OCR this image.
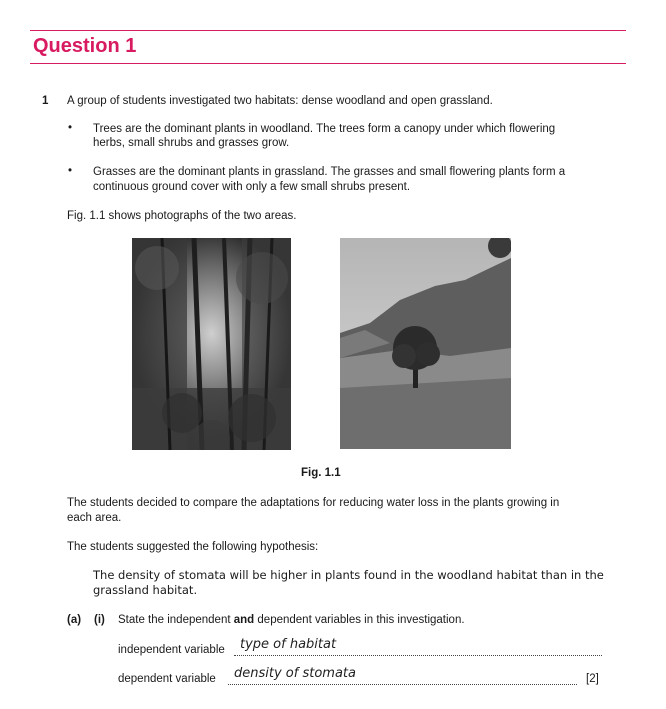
Question 1
1 A group of students investigated two habitats: dense woodland and open grassland.
• Trees are the dominant plants in woodland. The trees form a canopy under which flowering
herbs, small shrubs and grasses grow.
• Grasses are the dominant plants in grassland. The grasses and small flowering plants form a
continuous ground cover with only a few small shrubs present.
Fig. 1.1 shows photographs of the two areas.
Fig. 1.1
The students decided to compare the adaptations for reducing water loss in the plants growing in
each area.
The students suggested the following hypothesis:
The density of stomata will be higher in plants found in the woodland habitat than in the
grassland habitat.
(a) (i) State the independent and dependent variables in this investigation.
independent variable type of habitat
dependent variable density of stomata	[2]
